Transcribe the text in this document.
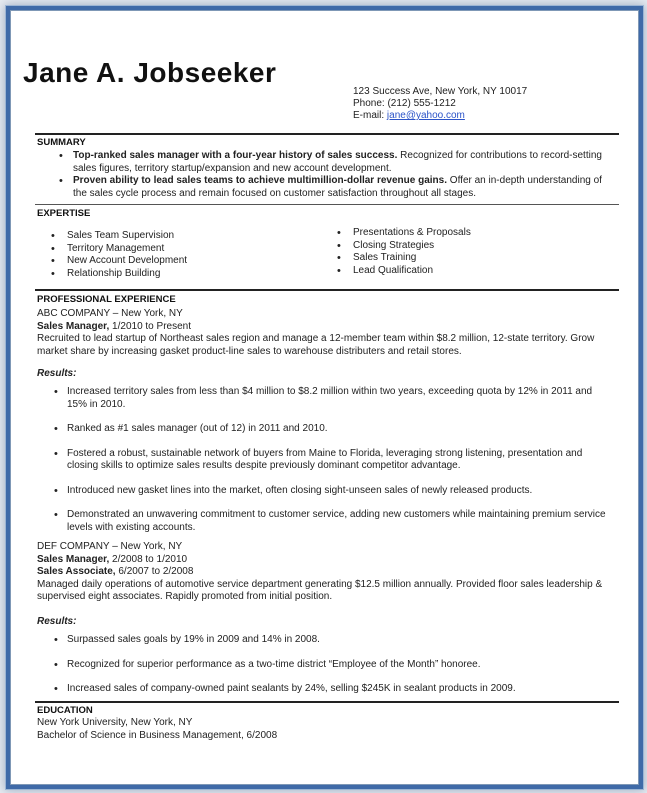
Jane A. Jobseeker
123 Success Ave, New York, NY 10017
Phone: (212) 555-1212
E-mail: jane@yahoo.com
SUMMARY
• Top-ranked sales manager with a four-year history of sales success. Recognized for contributions to record-setting sales figures, territory startup/expansion and new account development.
• Proven ability to lead sales teams to achieve multimillion-dollar revenue gains. Offer an in-depth understanding of the sales cycle process and remain focused on customer satisfaction throughout all stages.
EXPERTISE
• Sales Team Supervision
• Territory Management
• New Account Development
• Relationship Building
• Presentations & Proposals
• Closing Strategies
• Sales Training
• Lead Qualification
PROFESSIONAL EXPERIENCE

ABC COMPANY – New York, NY

Sales Manager, 1/2010 to Present

Recruited to lead startup of Northeast sales region and manage a 12-member team within $8.2 million, 12-state territory. Grow market share by increasing gasket product-line sales to warehouse distributers and retail stores.

Results:
• Increased territory sales from less than $4 million to $8.2 million within two years, exceeding quota by 12% in 2011 and 15% in 2010.
• Ranked as #1 sales manager (out of 12) in 2011 and 2010.
• Fostered a robust, sustainable network of buyers from Maine to Florida, leveraging strong listening, presentation and closing skills to optimize sales results despite previously dominant competitor advantage.
• Introduced new gasket lines into the market, often closing sight-unseen sales of newly released products.
• Demonstrated an unwavering commitment to customer service, adding new customers while maintaining premium service levels with existing accounts.

DEF COMPANY – New York, NY

Sales Manager, 2/2008 to 1/2010

Sales Associate, 6/2007 to 2/2008

Managed daily operations of automotive service department generating $12.5 million annually. Provided floor sales leadership & supervised eight associates. Rapidly promoted from initial position.

Results:
• Surpassed sales goals by 19% in 2009 and 14% in 2008.
• Recognized for superior performance as a two-time district “Employee of the Month” honoree.
• Increased sales of company-owned paint sealants by 24%, selling $245K in sealant products in 2009.
EDUCATION

New York University, New York, NY

Bachelor of Science in Business Management, 6/2008
